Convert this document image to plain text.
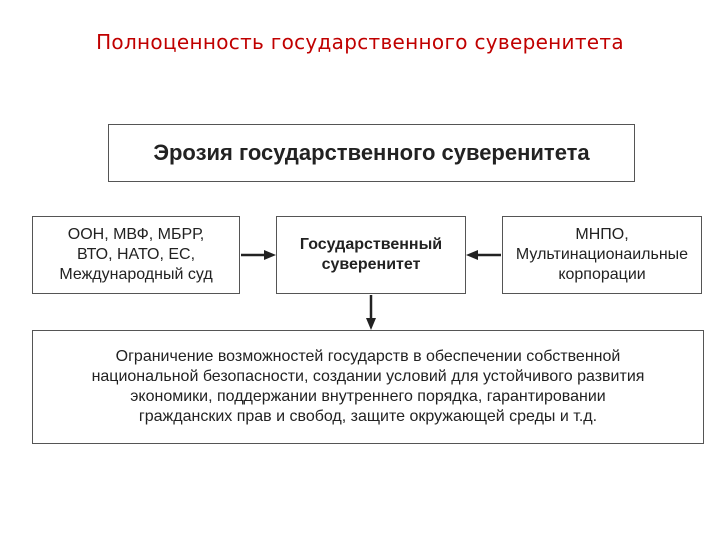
Полноценность государственного суверенитета
Эрозия государственного суверенитета
ООН, МВФ, МБРР,
ВТО, НАТО, ЕС,
Международный суд
Государственный
суверенитет
МНПО,
Мультинационаильные
корпорации
Ограничение возможностей государств в обеспечении собственной
национальной безопасности, создании условий для устойчивого развития
экономики, поддержании внутреннего порядка, гарантировании
гражданских прав и свобод, защите окружающей среды и т.д.
